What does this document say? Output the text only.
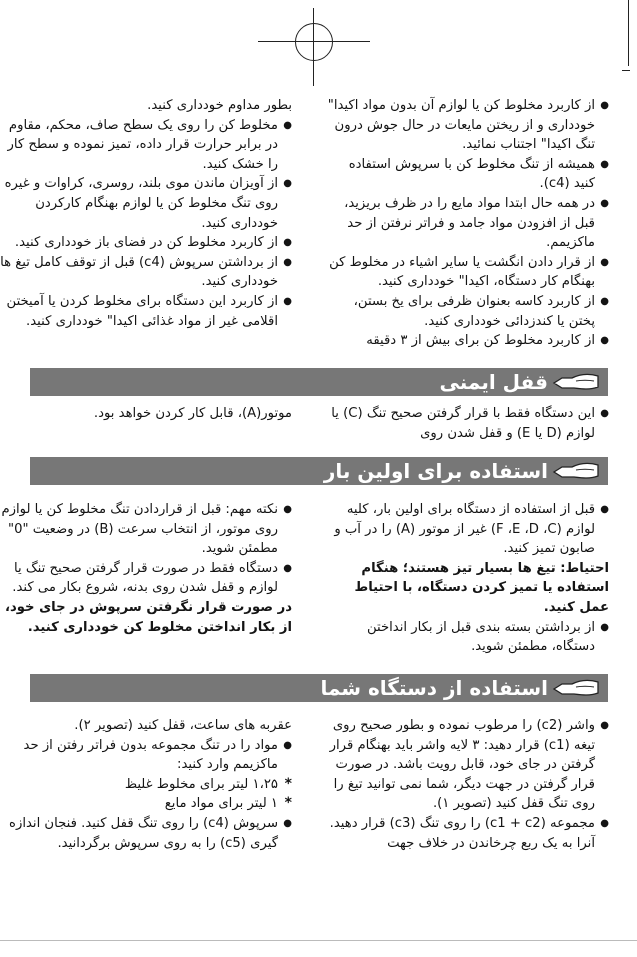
● از کاربرد مخلوط کن یا لوازم آن بدون مواد اکیدا" خودداری و از ریختن مایعات در حال جوش درون تنگ اکیدا" اجتناب نمائید.
● همیشه از تنگ مخلوط کن با سرپوش استفاده کنید (c4).
● در همه حال ابتدا مواد مایع را در ظرف بریزید، قبل از افزودن مواد جامد و فراتر نرفتن از حد ماکزیمم.
● از قرار دادن انگشت یا سایر اشیاء در مخلوط کن بهنگام کار دستگاه، اکیدا" خودداری کنید.
● از کاربرد کاسه بعنوان ظرفی برای یخ بستن، پختن یا کندزدائی خودداری کنید.
● از کاربرد مخلوط کن برای بیش از ۳ دقیقه
بطور مداوم خودداری کنید.
● مخلوط کن را روی یک سطح صاف، محکم، مقاوم در برابر حرارت قرار داده، تمیز نموده و سطح کار را خشک کنید.
● از آویزان ماندن موی بلند، روسری، کراوات و غیره روی تنگ مخلوط کن یا لوازم بهنگام کارکردن خودداری کنید.
● از کاربرد مخلوط کن در فضای باز خودداری کنید.
● از برداشتن سرپوش (c4) قبل از توقف کامل تیغ ها خودداری کنید.
● از کاربرد این دستگاه برای مخلوط کردن یا آمیختن اقلامی غیر از مواد غذائی اکیدا" خودداری کنید.
قفل ایمنی
● این دستگاه فقط با قرار گرفتن صحیح تنگ (C) یا لوازم (D یا E) و قفل شدن روی
موتور(A)، قابل کار کردن خواهد بود.
استفاده برای اولین بار
● قبل از استفاده از دستگاه برای اولین بار، کلیه لوازم (F ،E ،D ،C) غیر از موتور (A) را در آب و صابون تمیز کنید.
احتیاط: تیغ ها بسیار تیز هستند؛ هنگام استفاده یا تمیز کردن دستگاه، با احتیاط عمل کنید.
● از برداشتن بسته بندی قبل از بکار انداختن دستگاه، مطمئن شوید.
● نکته مهم: قبل از قراردادن تنگ مخلوط کن یا لوازم روی موتور، از انتخاب سرعت (B) در وضعیت "0" مطمئن شوید.
● دستگاه فقط در صورت قرار گرفتن صحیح تنگ یا لوازم و قفل شدن روی بدنه، شروع بکار می کند.
در صورت قرار نگرفتن سرپوش در جای خود، از بکار انداختن مخلوط کن خودداری کنید.
استفاده از دستگاه شما
● واشر (c2) را مرطوب نموده و بطور صحیح روی تیغه (c1) قرار دهید: ۳ لایه واشر باید بهنگام قرار گرفتن در جای خود، قابل رویت باشد. در صورت قرار گرفتن در جهت دیگر، شما نمی توانید تیغ را روی تنگ قفل کنید (تصویر ۱).
● مجموعه (c1 + c2) را روی تنگ (c3) قرار دهید. آنرا به یک ربع چرخاندن در خلاف جهت
عقربه های ساعت، قفل کنید (تصویر ۲).
● مواد را در تنگ مجموعه بدون فراتر رفتن از حد ماکزیمم وارد کنید:
* ۱،۲۵ لیتر برای مخلوط غلیظ
* ۱ لیتر برای مواد مایع
● سرپوش (c4) را روی تنگ قفل کنید. فنجان اندازه گیری (c5) را به روی سرپوش برگردانید.
